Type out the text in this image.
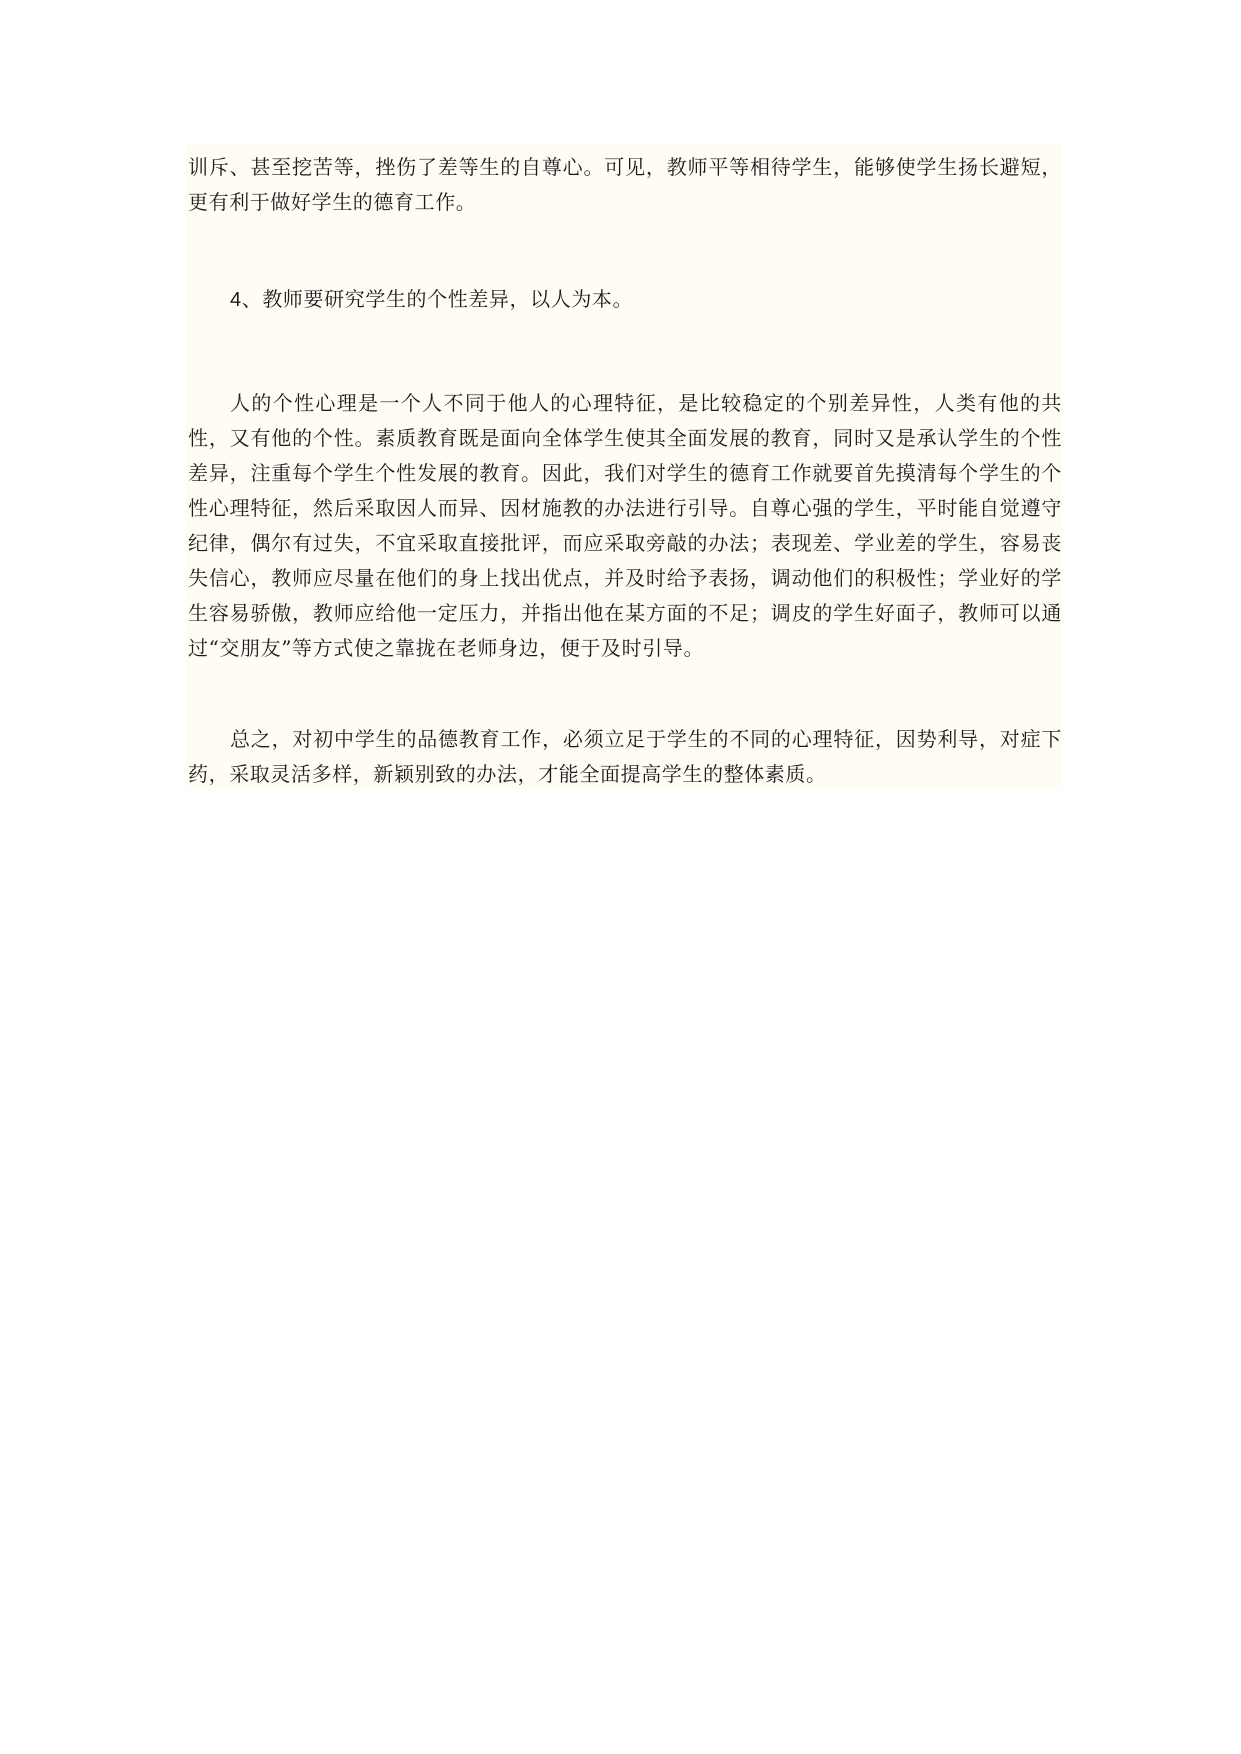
训斥、甚至挖苦等，挫伤了差等生的自尊心。可见，教师平等相待学生，能够使学生扬长避短，更有利于做好学生的德育工作。

4、教师要研究学生的个性差异，以人为本。

人的个性心理是一个人不同于他人的心理特征，是比较稳定的个别差异性，人类有他的共性，又有他的个性。素质教育既是面向全体学生使其全面发展的教育，同时又是承认学生的个性差异，注重每个学生个性发展的教育。因此，我们对学生的德育工作就要首先摸清每个学生的个性心理特征，然后采取因人而异、因材施教的办法进行引导。自尊心强的学生，平时能自觉遵守纪律，偶尔有过失，不宜采取直接批评，而应采取旁敲的办法；表现差、学业差的学生，容易丧失信心，教师应尽量在他们的身上找出优点，并及时给予表扬，调动他们的积极性；学业好的学生容易骄傲，教师应给他一定压力，并指出他在某方面的不足；调皮的学生好面子，教师可以通过“交朋友”等方式使之靠拢在老师身边，便于及时引导。

总之，对初中学生的品德教育工作，必须立足于学生的不同的心理特征，因势利导，对症下药，采取灵活多样，新颖别致的办法，才能全面提高学生的整体素质。
